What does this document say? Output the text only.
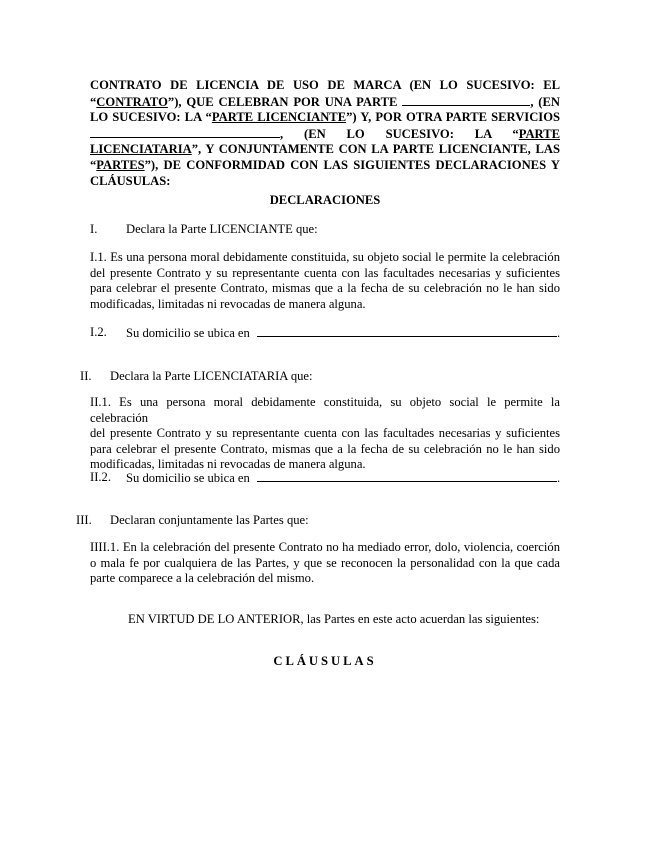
CONTRATO DE LICENCIA DE USO DE MARCA (EN LO SUCESIVO: EL
“CONTRATO”), QUE CELEBRAN POR UNA PARTE	, (EN
LO SUCESIVO: LA “PARTE LICENCIANTE”) Y, POR OTRA PARTE SERVICIOS
, (EN LO SUCESIVO: LA “PARTE
LICENCIATARIA”, Y CONJUNTAMENTE CON LA PARTE LICENCIANTE, LAS
“PARTES”), DE CONFORMIDAD CON LAS SIGUIENTES DECLARACIONES Y
CLÁUSULAS:
DECLARACIONES
I. Declara la Parte LICENCIANTE que:
I.1. Es una persona moral debidamente constituida, su objeto social le permite la celebración
del presente Contrato y su representante cuenta con las facultades necesarias y suficientes
para celebrar el presente Contrato, mismas que a la fecha de su celebración no le han sido
modificadas, limitadas ni revocadas de manera alguna.
I.2. Su domicilio se ubica en	.
II. Declara la Parte LICENCIATARIA que:
II.1. Es una persona moral debidamente constituida, su objeto social le permite la celebración
del presente Contrato y su representante cuenta con las facultades necesarias y suficientes
para celebrar el presente Contrato, mismas que a la fecha de su celebración no le han sido
modificadas, limitadas ni revocadas de manera alguna.
II.2. Su domicilio se ubica en	.
III. Declaran conjuntamente las Partes que:
IIII.1. En la celebración del presente Contrato no ha mediado error, dolo, violencia, coerción
o mala fe por cualquiera de las Partes, y que se reconocen la personalidad con la que cada
parte comparece a la celebración del mismo.
EN VIRTUD DE LO ANTERIOR, las Partes en este acto acuerdan las siguientes:
CLÁUSULAS
